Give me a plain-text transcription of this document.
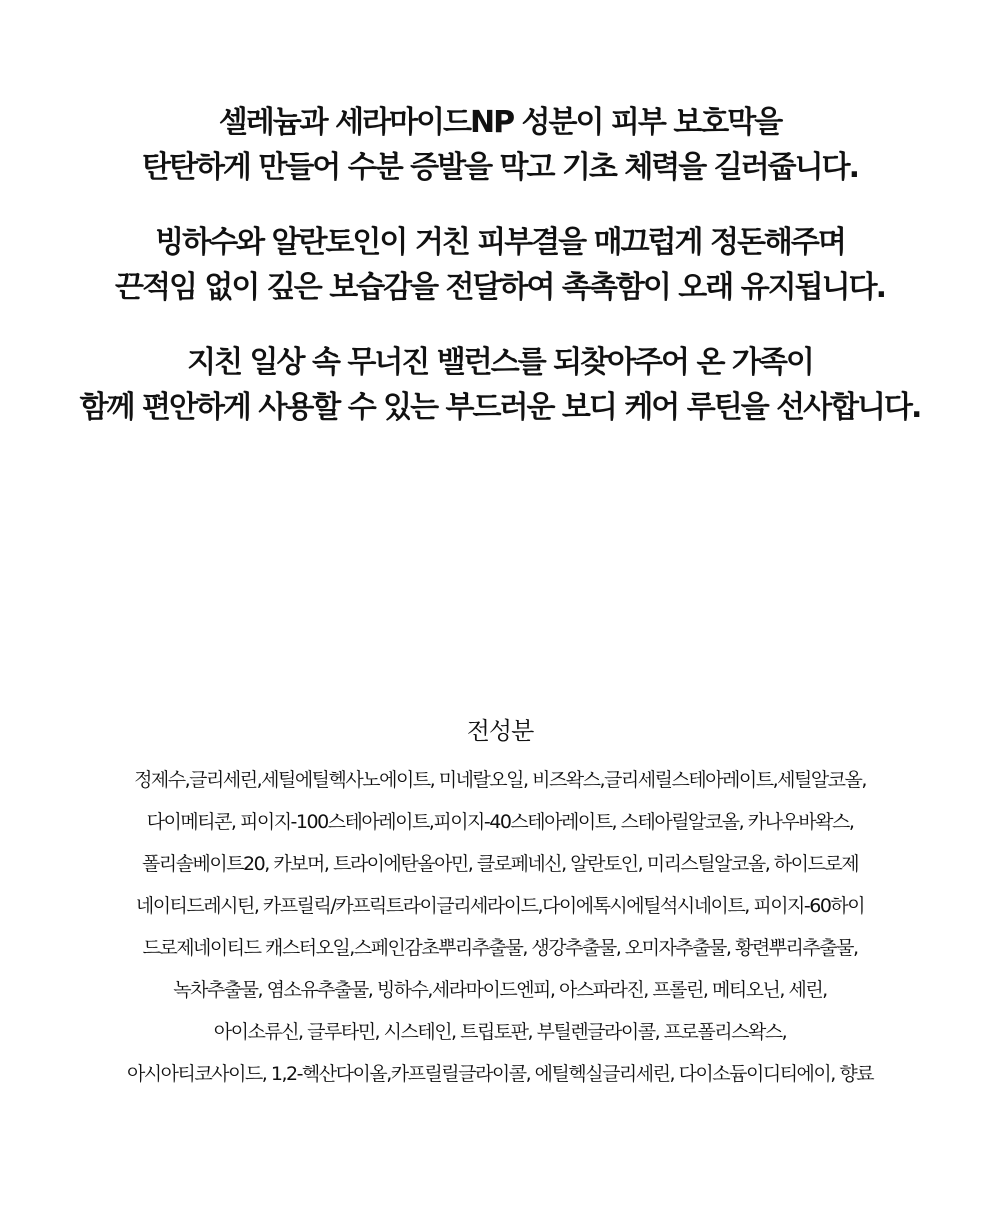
셀레늄과 세라마이드NP 성분이 피부 보호막을
탄탄하게 만들어 수분 증발을 막고 기초 체력을 길러줍니다.

빙하수와 알란토인이 거친 피부결을 매끄럽게 정돈해주며
끈적임 없이 깊은 보습감을 전달하여 촉촉함이 오래 유지됩니다.

지친 일상 속 무너진 밸런스를 되찾아주어 온 가족이
함께 편안하게 사용할 수 있는 부드러운 보디 케어 루틴을 선사합니다.

전성분
정제수,글리세린,세틸에틸헥사노에이트, 미네랄오일, 비즈왁스,글리세릴스테아레이트,세틸알코올,
다이메티콘, 피이지-100스테아레이트,피이지-40스테아레이트, 스테아릴알코올, 카나우바왁스,
폴리솔베이트20, 카보머, 트라이에탄올아민, 클로페네신, 알란토인, 미리스틸알코올, 하이드로제
네이티드레시틴, 카프릴릭/카프릭트라이글리세라이드,다이에톡시에틸석시네이트, 피이지-60하이
드로제네이티드 캐스터오일,스페인감초뿌리추출물, 생강추출물, 오미자추출물, 황련뿌리추출물,
녹차추출물, 염소유추출물, 빙하수,세라마이드엔피, 아스파라진, 프롤린, 메티오닌, 세린,
아이소류신, 글루타민, 시스테인, 트립토판, 부틸렌글라이콜, 프로폴리스왁스,
아시아티코사이드, 1,2-헥산다이올,카프릴릴글라이콜, 에틸헥실글리세린, 다이소듐이디티에이, 향료
